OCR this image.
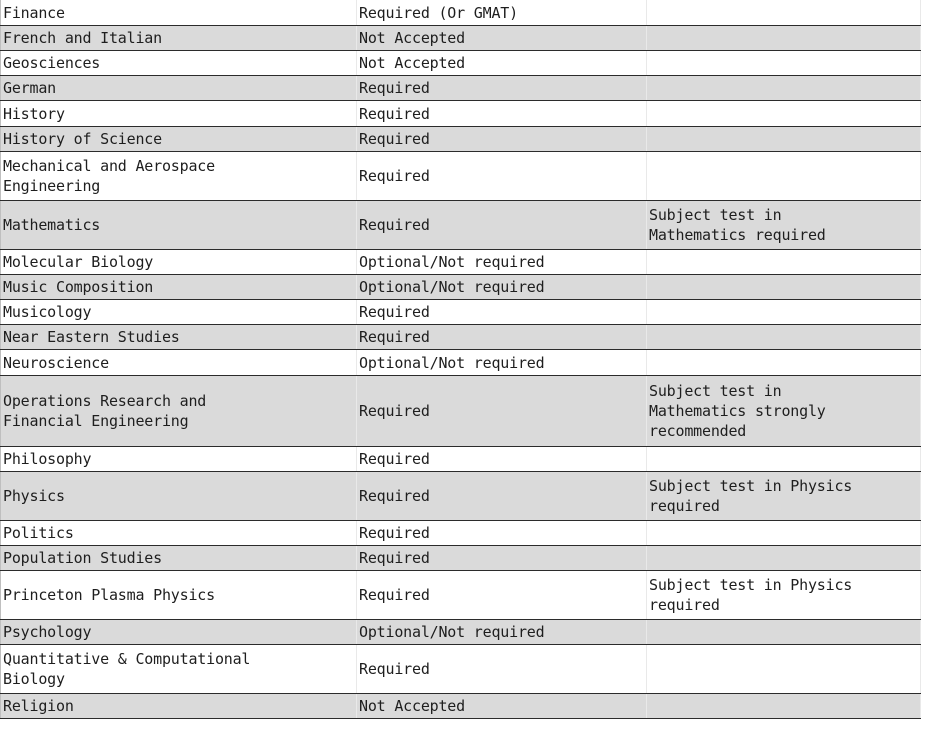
Finance	Required (Or GMAT)	
French and Italian	Not Accepted	
Geosciences	Not Accepted	
German	Required	
History	Required	
History of Science	Required	
Mechanical and Aerospace
Engineering	Required	
Mathematics	Required	Subject test in
Mathematics required
Molecular Biology	Optional/Not required	
Music Composition	Optional/Not required	
Musicology	Required	
Near Eastern Studies	Required	
Neuroscience	Optional/Not required	
Operations Research and
Financial Engineering	Required	Subject test in
Mathematics strongly
recommended
Philosophy	Required	
Physics	Required	Subject test in Physics
required
Politics	Required	
Population Studies	Required	
Princeton Plasma Physics	Required	Subject test in Physics
required
Psychology	Optional/Not required	
Quantitative & Computational
Biology	Required	
Religion	Not Accepted	
